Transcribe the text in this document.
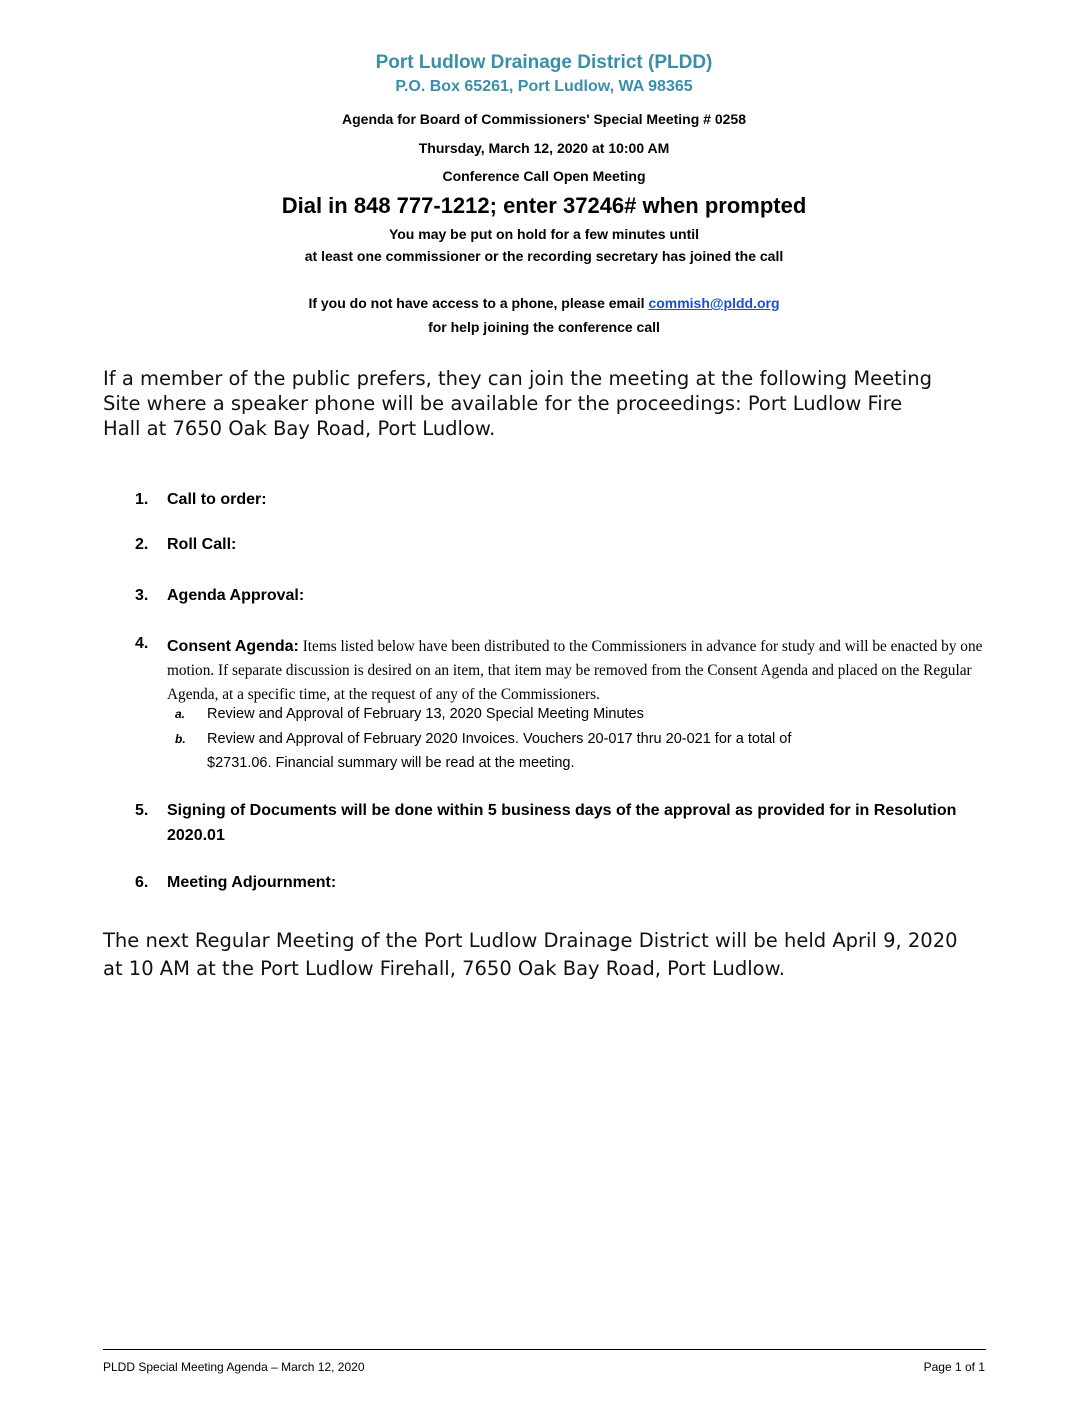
Port Ludlow Drainage District (PLDD)
P.O. Box 65261, Port Ludlow, WA 98365
Agenda for Board of Commissioners' Special Meeting # 0258
Thursday, March 12, 2020 at 10:00 AM
Conference Call Open Meeting
Dial in 848 777-1212; enter 37246# when prompted
You may be put on hold for a few minutes until
at least one commissioner or the recording secretary has joined the call
If you do not have access to a phone, please email commish@pldd.org
for help joining the conference call
If a member of the public prefers, they can join the meeting at the following Meeting Site where a speaker phone will be available for the proceedings: Port Ludlow Fire Hall at 7650 Oak Bay Road, Port Ludlow.
1. Call to order:
2. Roll Call:
3. Agenda Approval:
4.	Consent Agenda: Items listed below have been distributed to the Commissioners in advance for study and will be enacted by one motion. If separate discussion is desired on an item, that item may be removed from the Consent Agenda and placed on the Regular Agenda, at a specific time, at the request of any of the Commissioners.
a. Review and Approval of February 13, 2020 Special Meeting Minutes
b. Review and Approval of February 2020 Invoices. Vouchers 20-017 thru 20-021 for a total of
$2731.06. Financial summary will be read at the meeting.
5. Signing of Documents will be done within 5 business days of the approval as provided for in Resolution 2020.01
6. Meeting Adjournment:
The next Regular Meeting of the Port Ludlow Drainage District will be held April 9, 2020 at 10 AM at the Port Ludlow Firehall, 7650 Oak Bay Road, Port Ludlow.
PLDD Special Meeting Agenda – March 12, 2020	Page 1 of 1
